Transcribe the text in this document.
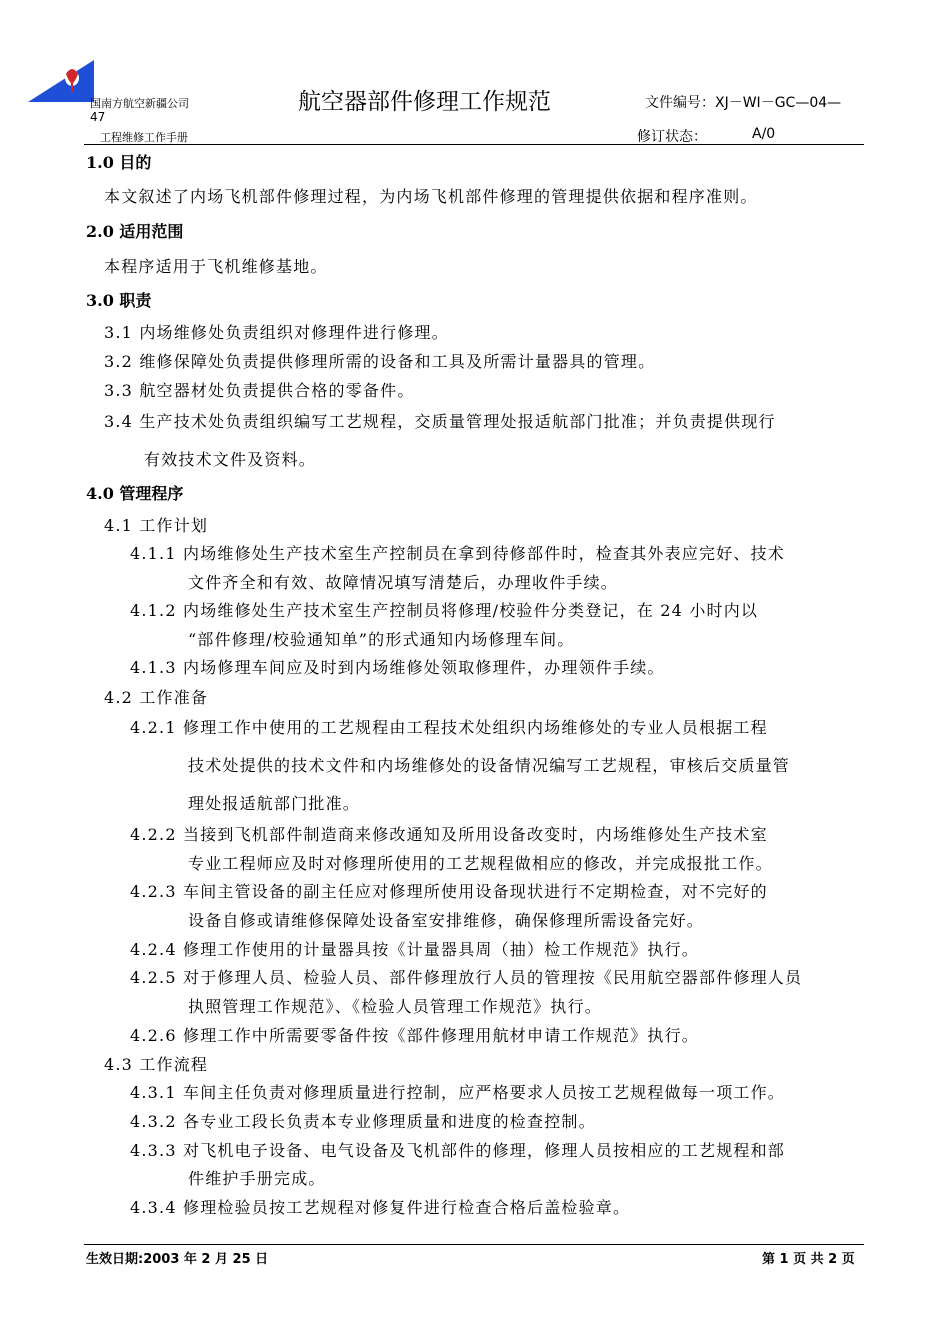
国南方航空新疆公司
47
航空器部件修理工作规范	文件编号：XJ－WI－GC—04—
工程维修工作手册	修订状态：	A/0
1.0 目的
本文叙述了内场飞机部件修理过程，为内场飞机部件修理的管理提供依据和程序准则。
2.0 适用范围
本程序适用于飞机维修基地。
3.0 职责
3.1 内场维修处负责组织对修理件进行修理。
3.2 维修保障处负责提供修理所需的设备和工具及所需计量器具的管理。
3.3 航空器材处负责提供合格的零备件。
3.4 生产技术处负责组织编写工艺规程，交质量管理处报适航部门批准；并负责提供现行
有效技术文件及资料。
4.0 管理程序
4.1 工作计划
4.1.1 内场维修处生产技术室生产控制员在拿到待修部件时，检查其外表应完好、技术
文件齐全和有效、故障情况填写清楚后，办理收件手续。
4.1.2 内场维修处生产技术室生产控制员将修理/校验件分类登记，在 24 小时内以
“部件修理/校验通知单”的形式通知内场修理车间。
4.1.3 内场修理车间应及时到内场维修处领取修理件，办理领件手续。
4.2 工作准备
4.2.1 修理工作中使用的工艺规程由工程技术处组织内场维修处的专业人员根据工程
技术处提供的技术文件和内场维修处的设备情况编写工艺规程，审核后交质量管
理处报适航部门批准。
4.2.2 当接到飞机部件制造商来修改通知及所用设备改变时，内场维修处生产技术室
专业工程师应及时对修理所使用的工艺规程做相应的修改，并完成报批工作。
4.2.3 车间主管设备的副主任应对修理所使用设备现状进行不定期检查，对不完好的
设备自修或请维修保障处设备室安排维修，确保修理所需设备完好。
4.2.4 修理工作使用的计量器具按《计量器具周（抽）检工作规范》执行。
4.2.5 对于修理人员、检验人员、部件修理放行人员的管理按《民用航空器部件修理人员
执照管理工作规范》、《检验人员管理工作规范》执行。
4.2.6 修理工作中所需要零备件按《部件修理用航材申请工作规范》执行。
4.3 工作流程
4.3.1 车间主任负责对修理质量进行控制，应严格要求人员按工艺规程做每一项工作。
4.3.2 各专业工段长负责本专业修理质量和进度的检查控制。
4.3.3 对飞机电子设备、电气设备及飞机部件的修理，修理人员按相应的工艺规程和部
件维护手册完成。
4.3.4 修理检验员按工艺规程对修复件进行检查合格后盖检验章。
生效日期:2003 年 2 月 25 日	第 1 页 共 2 页
